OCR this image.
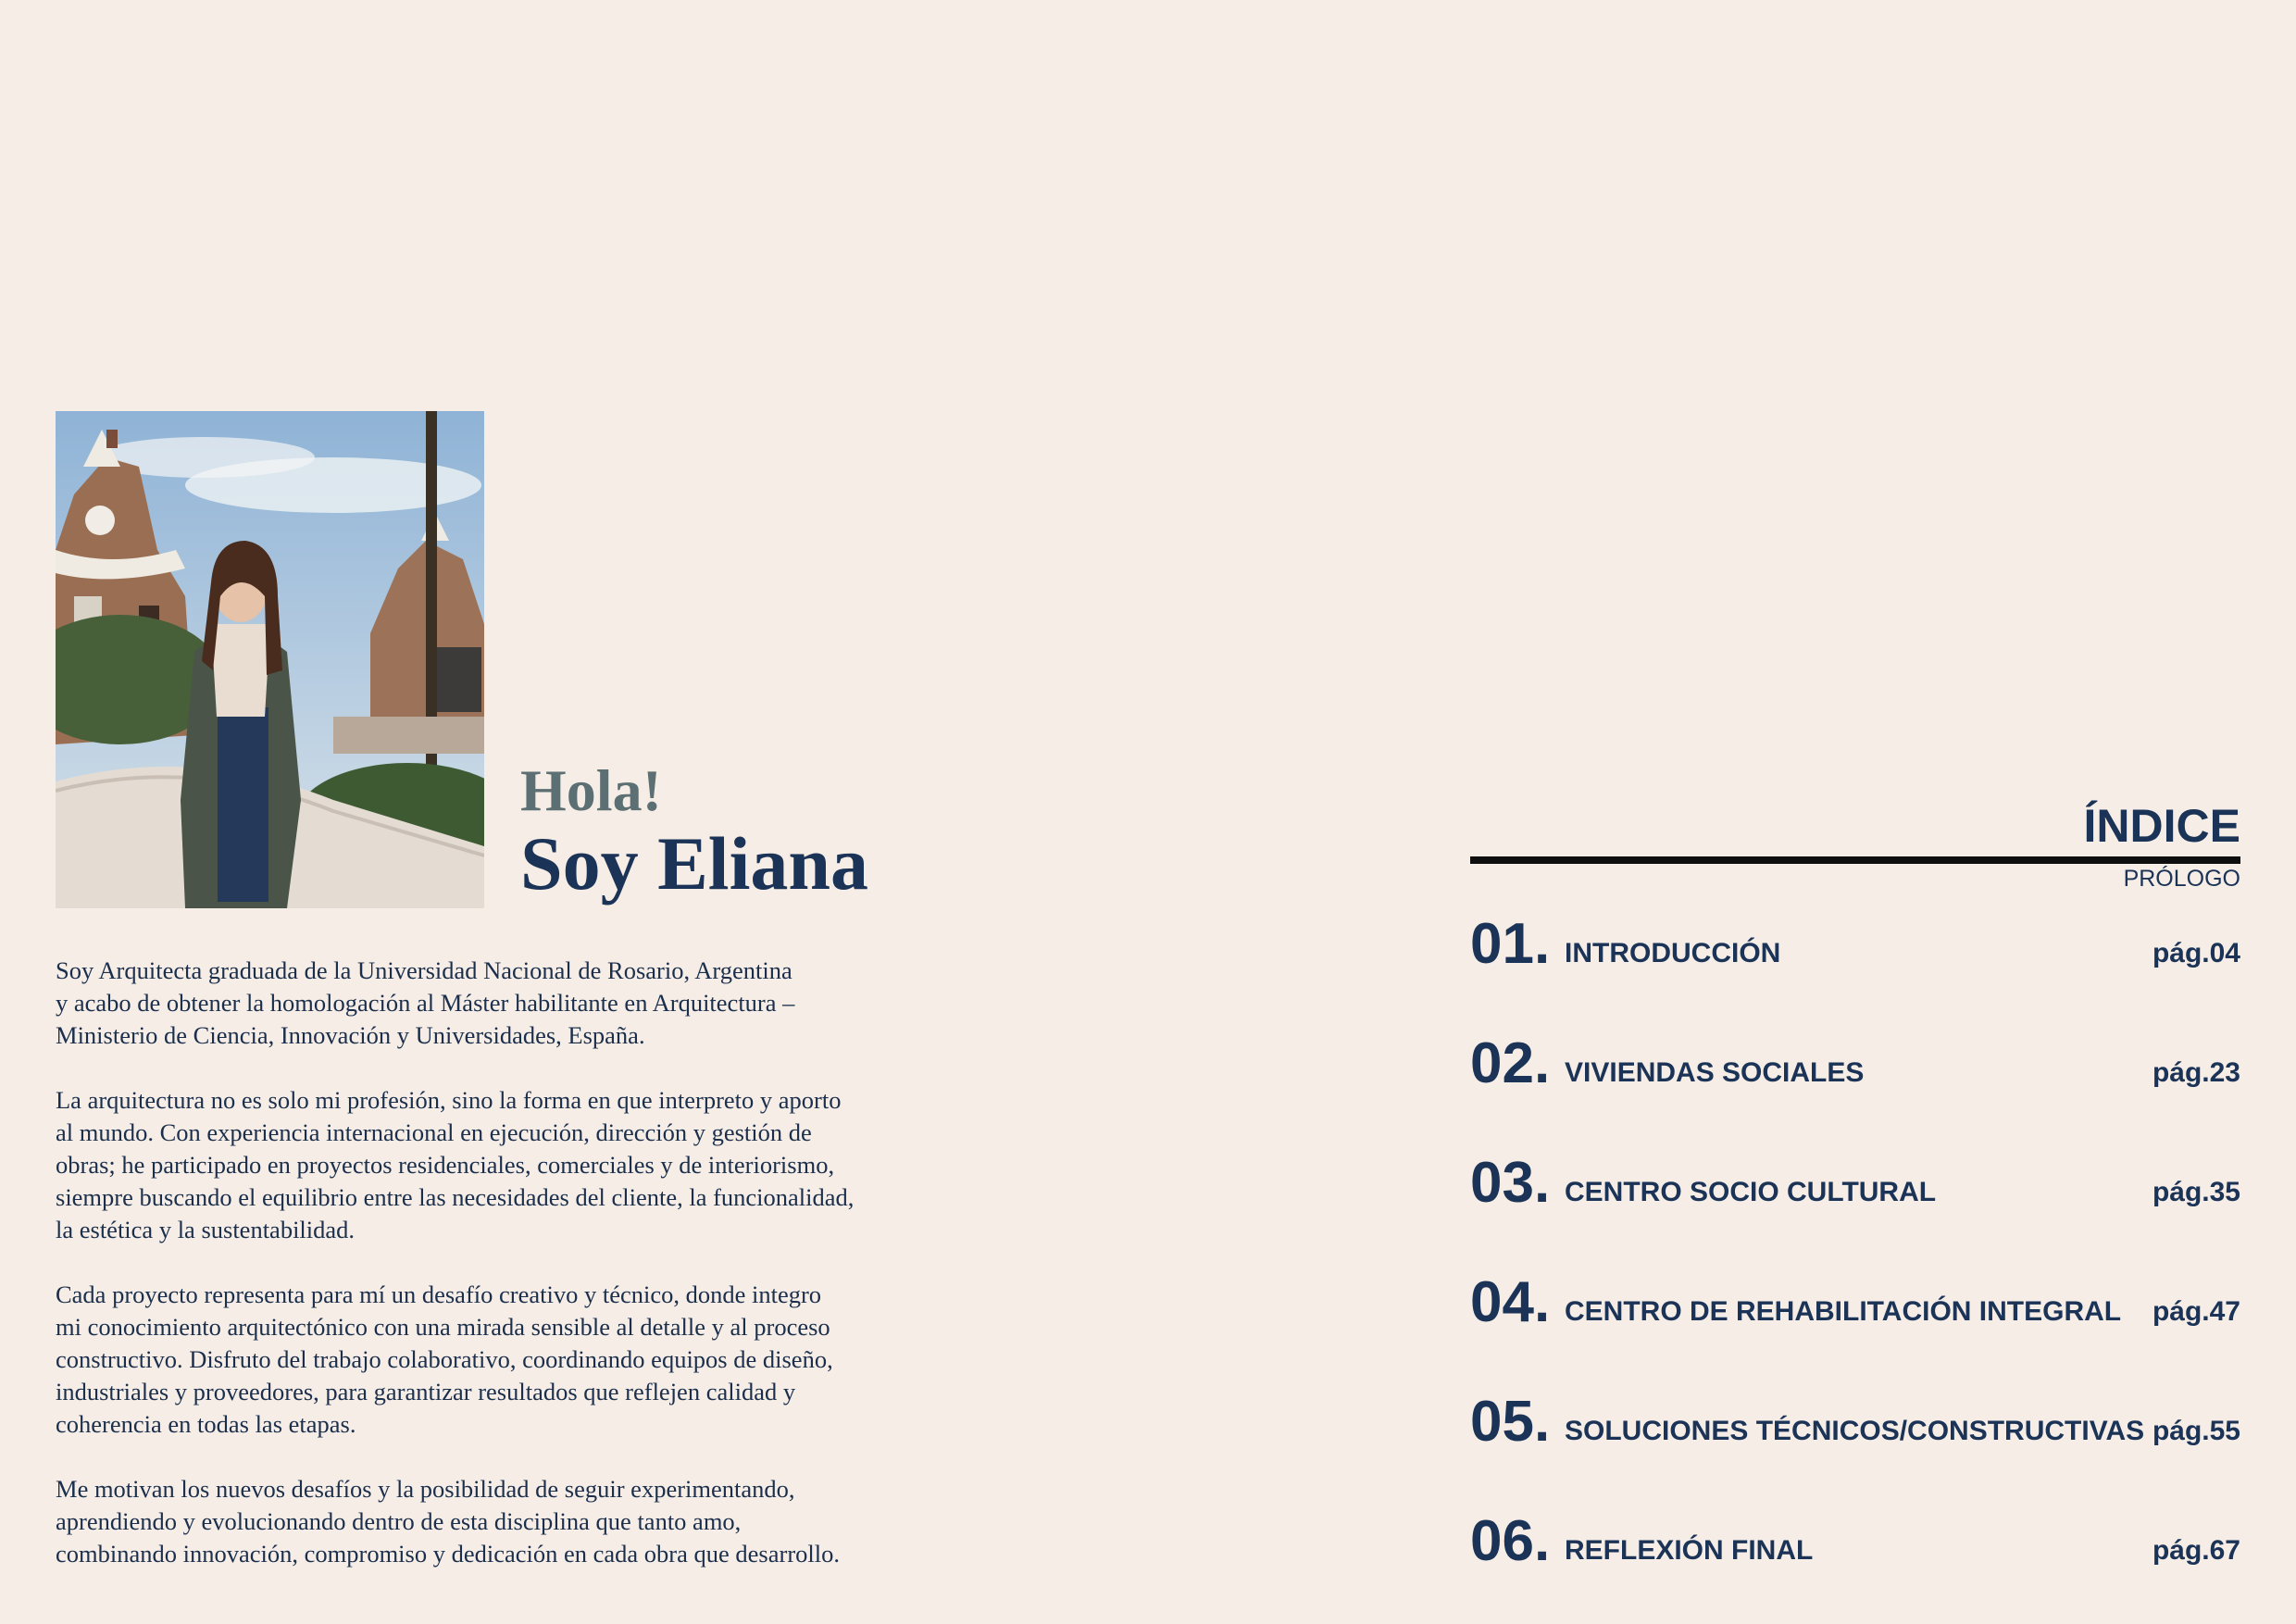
Hola!
Soy Eliana

Soy Arquitecta graduada de la Universidad Nacional de Rosario, Argentina
y acabo de obtener la homologación al Máster habilitante en Arquitectura –
Ministerio de Ciencia, Innovación y Universidades, España.

La arquitectura no es solo mi profesión, sino la forma en que interpreto y aporto
al mundo. Con experiencia internacional en ejecución, dirección y gestión de
obras; he participado en proyectos residenciales, comerciales y de interiorismo,
siempre buscando el equilibrio entre las necesidades del cliente, la funcionalidad,
la estética y la sustentabilidad.

Cada proyecto representa para mí un desafío creativo y técnico, donde integro
mi conocimiento arquitectónico con una mirada sensible al detalle y al proceso
constructivo. Disfruto del trabajo colaborativo, coordinando equipos de diseño,
industriales y proveedores, para garantizar resultados que reflejen calidad y
coherencia en todas las etapas.

Me motivan los nuevos desafíos y la posibilidad de seguir experimentando,
aprendiendo y evolucionando dentro de esta disciplina que tanto amo,
combinando innovación, compromiso y dedicación en cada obra que desarrollo.

ÍNDICE
PRÓLOGO
01. INTRODUCCIÓN	pág.04
02. VIVIENDAS SOCIALES	pág.23
03. CENTRO SOCIO CULTURAL	pág.35
04. CENTRO DE REHABILITACIÓN INTEGRAL pág.47
05. SOLUCIONES TÉCNICOS/CONSTRUCTIVAS pág.55
06. REFLEXIÓN FINAL	pág.67
